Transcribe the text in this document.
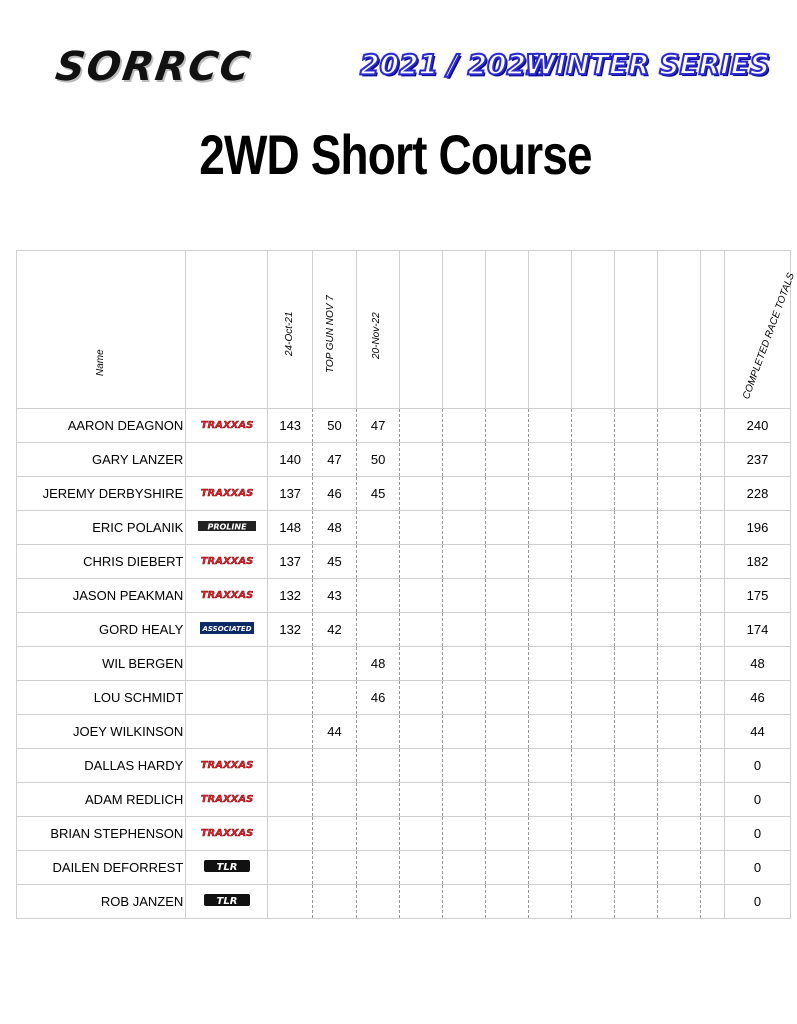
SORRCC	2021 / 2022
WINTER SERIES
2WD Short Course
Name		24-Oct-21	TOP GUN NOV 7	20-Nov-22									COMPLETED RACE TOTALS

AARON DEAGNON	TRAXXAS	143	50	47									240
GARY LANZER		140	47	50									237
JEREMY DERBYSHIRE	TRAXXAS	137	46	45									228
ERIC POLANIK	PROLINE	148	48										196
CHRIS DIEBERT	TRAXXAS	137	45										182
JASON PEAKMAN	TRAXXAS	132	43										175
GORD HEALY	ASSOCIATED	132	42										174
WIL BERGEN				48									48
LOU SCHMIDT				46									46
JOEY WILKINSON			44										44
DALLAS HARDY	TRAXXAS												0
ADAM REDLICH	TRAXXAS												0
BRIAN STEPHENSON	TRAXXAS												0
DAILEN DEFORREST	TLR												0
ROB JANZEN	TLR												0
